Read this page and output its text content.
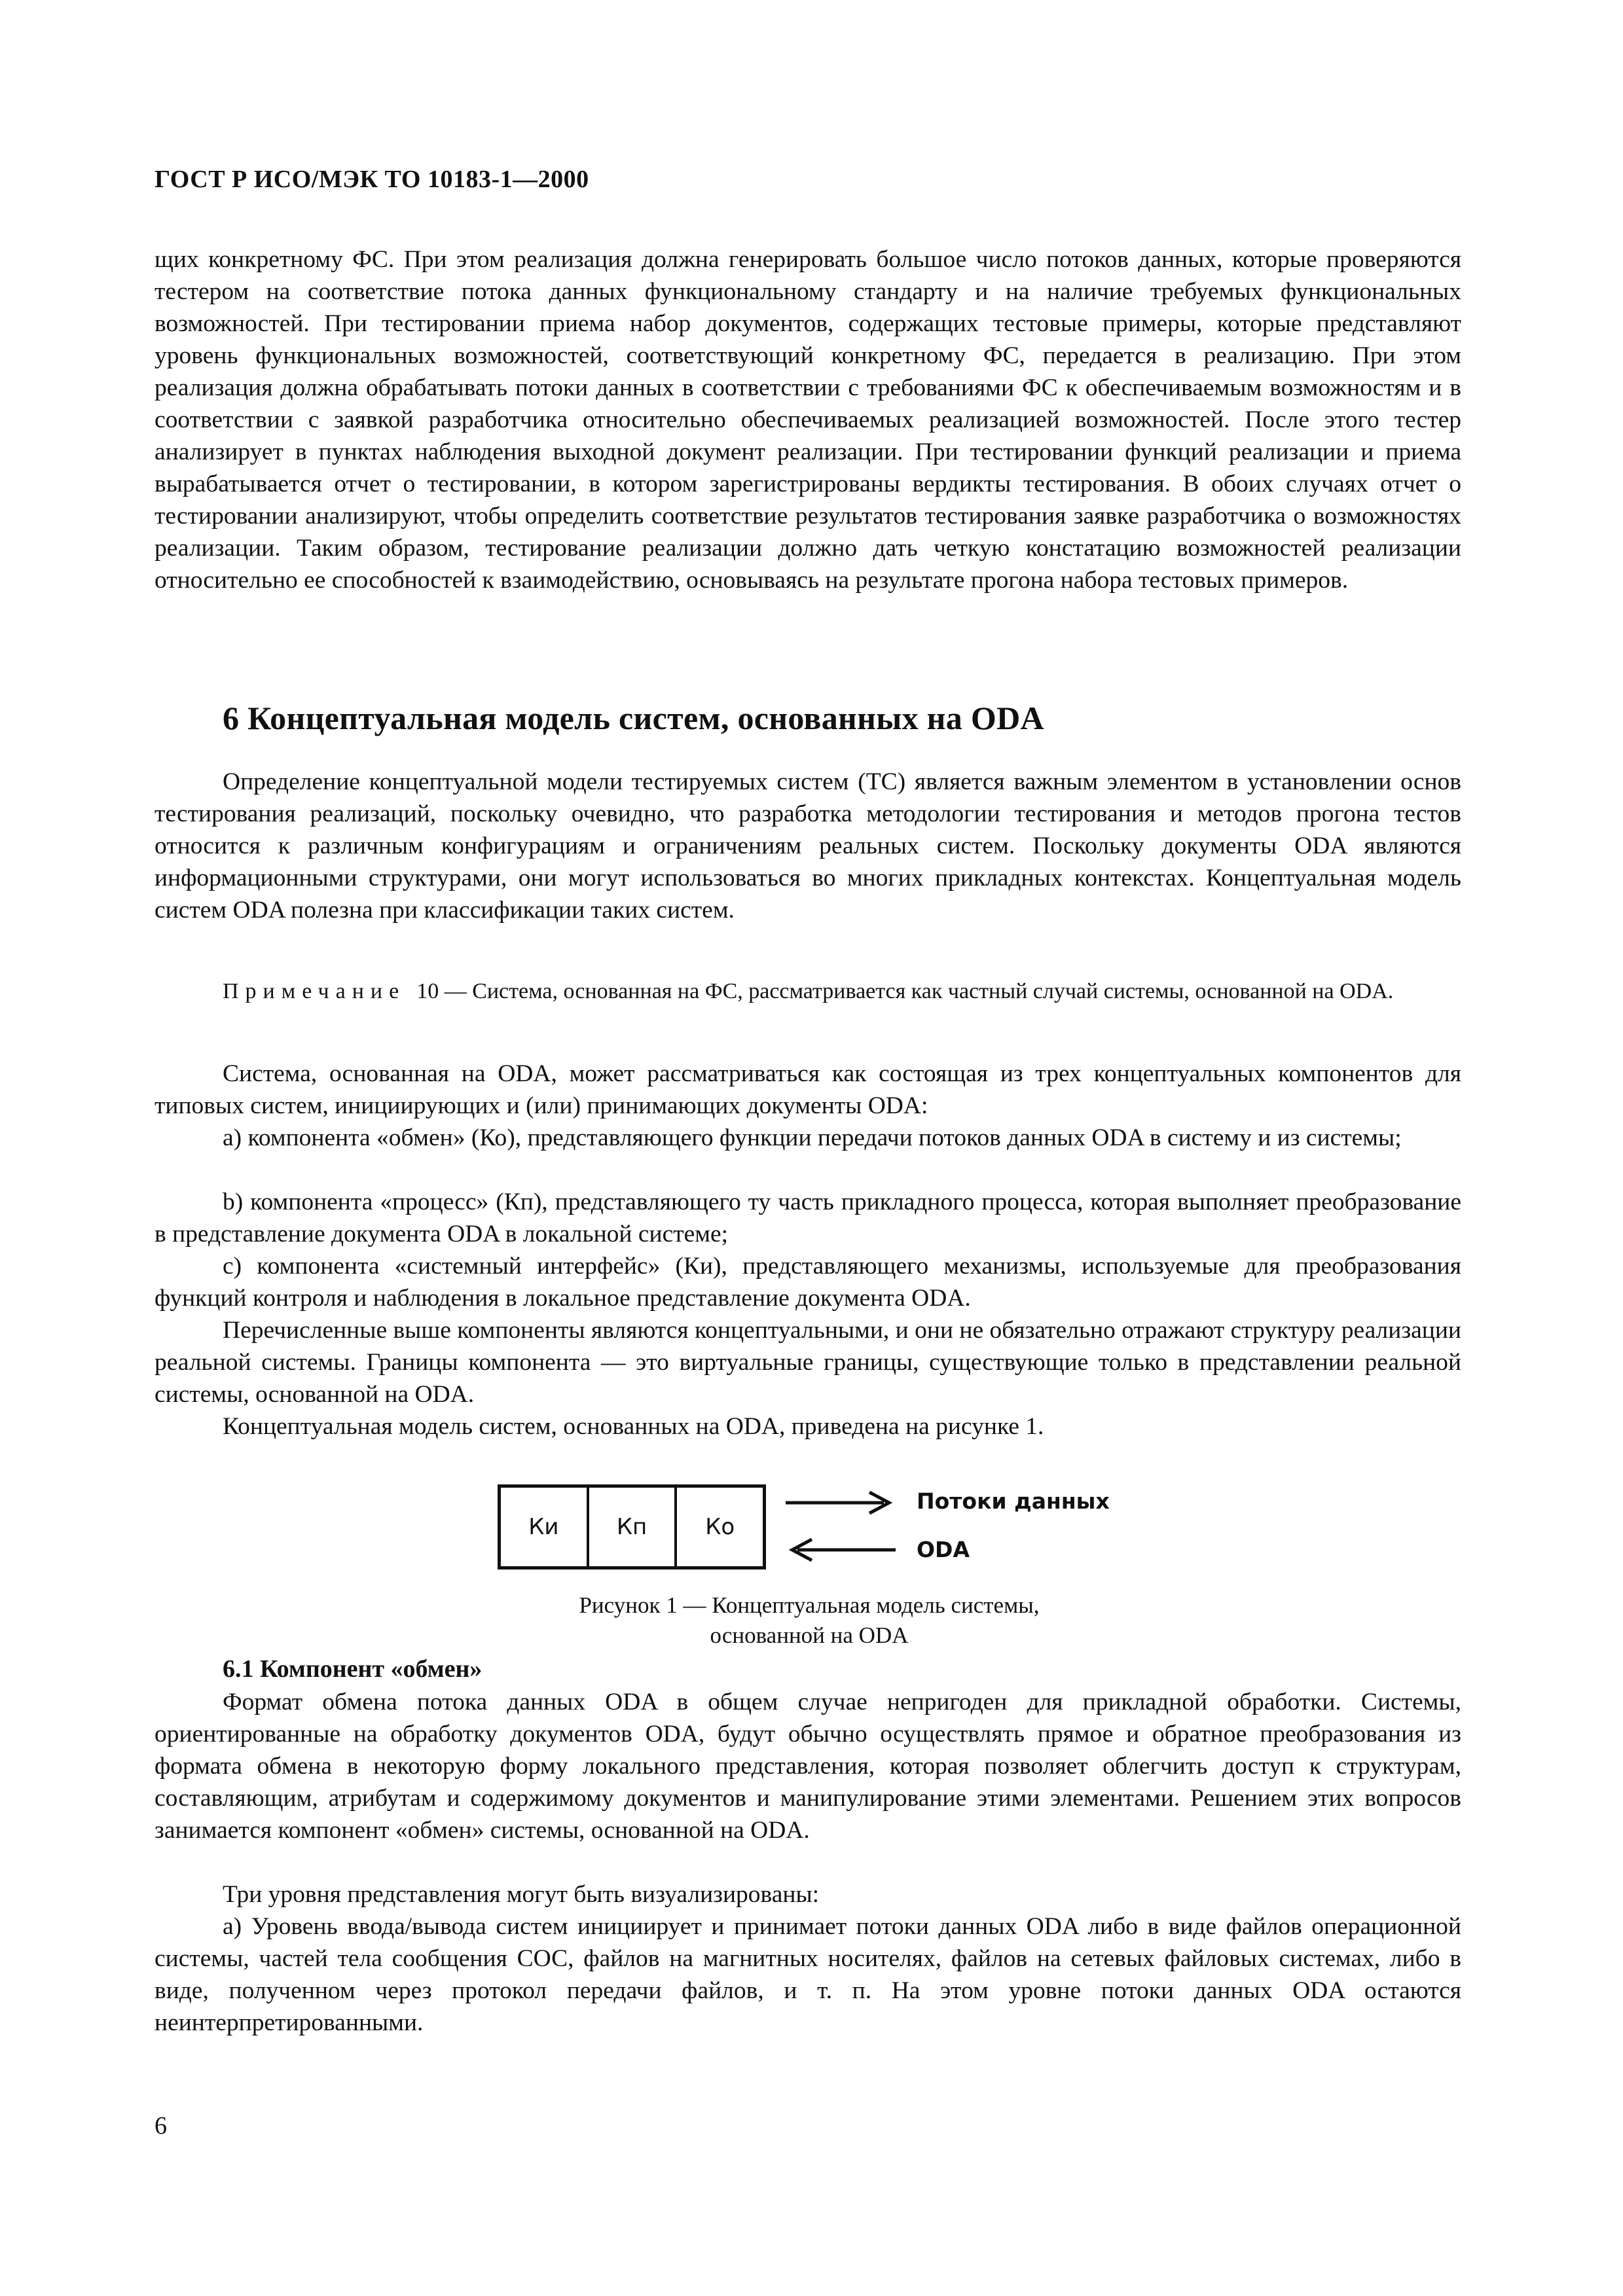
ГОСТ Р ИСО/МЭК ТО 10183-1—2000

щих конкретному ФС. При этом реализация должна генерировать большое число потоков данных, которые проверяются тестером на соответствие потока данных функциональному стандарту и на наличие требуемых функциональных возможностей. При тестировании приема набор документов, содержащих тестовые примеры, которые представляют уровень функциональных возможностей, соответствующий конкретному ФС, передается в реализацию. При этом реализация должна обрабатывать потоки данных в соответствии с требованиями ФС к обеспечиваемым возможностям и в соответствии с заявкой разработчика относительно обеспечиваемых реализацией возможностей. После этого тестер анализирует в пунктах наблюдения выходной документ реализации. При тестировании функций реализации и приема вырабатывается отчет о тестировании, в котором зарегистрированы вердикты тестирования. В обоих случаях отчет о тестировании анализируют, чтобы определить соответствие результатов тестирования заявке разработчика о возможностях реализации. Таким образом, тестирование реализации должно дать четкую констатацию возможностей реализации относительно ее способностей к взаимодействию, основываясь на результате прогона набора тестовых примеров.

6 Концептуальная модель систем, основанных на ODA

Определение концептуальной модели тестируемых систем (ТС) является важным элементом в установлении основ тестирования реализаций, поскольку очевидно, что разработка методологии тестирования и методов прогона тестов относится к различным конфигурациям и ограничениям реальных систем. Поскольку документы ODA являются информационными структурами, они могут использоваться во многих прикладных контекстах. Концептуальная модель систем ODA полезна при классификации таких систем.

Примечание 10 — Система, основанная на ФС, рассматривается как частный случай системы, основанной на ODA.

Система, основанная на ODA, может рассматриваться как состоящая из трех концептуальных компонентов для типовых систем, инициирующих и (или) принимающих документы ODA:

а) компонента «обмен» (Ко), представляющего функции передачи потоков данных ODA в систему и из системы;

b) компонента «процесс» (Кп), представляющего ту часть прикладного процесса, которая выполняет преобразование в представление документа ODA в локальной системе;

c) компонента «системный интерфейс» (Ки), представляющего механизмы, используемые для преобразования функций контроля и наблюдения в локальное представление документа ODA.

Перечисленные выше компоненты являются концептуальными, и они не обязательно отражают структуру реализации реальной системы. Границы компонента — это виртуальные границы, существующие только в представлении реальной системы, основанной на ODA.

Концептуальная модель систем, основанных на ODA, приведена на рисунке 1.

Ки	Кп	Ко
Потоки данных
ODA
Рисунок 1 — Концептуальная модель системы,
основанной на ODA
6.1 Компонент «обмен»

Формат обмена потока данных ODA в общем случае непригоден для прикладной обработки. Системы, ориентированные на обработку документов ODA, будут обычно осуществлять прямое и обратное преобразования из формата обмена в некоторую форму локального представления, которая позволяет облегчить доступ к структурам, составляющим, атрибутам и содержимому документов и манипулирование этими элементами. Решением этих вопросов занимается компонент «обмен» системы, основанной на ODA.

Три уровня представления могут быть визуализированы:

а) Уровень ввода/вывода систем инициирует и принимает потоки данных ODA либо в виде файлов операционной системы, частей тела сообщения СОС, файлов на магнитных носителях, файлов на сетевых файловых системах, либо в виде, полученном через протокол передачи файлов, и т. п. На этом уровне потоки данных ODA остаются неинтерпретированными.

6
